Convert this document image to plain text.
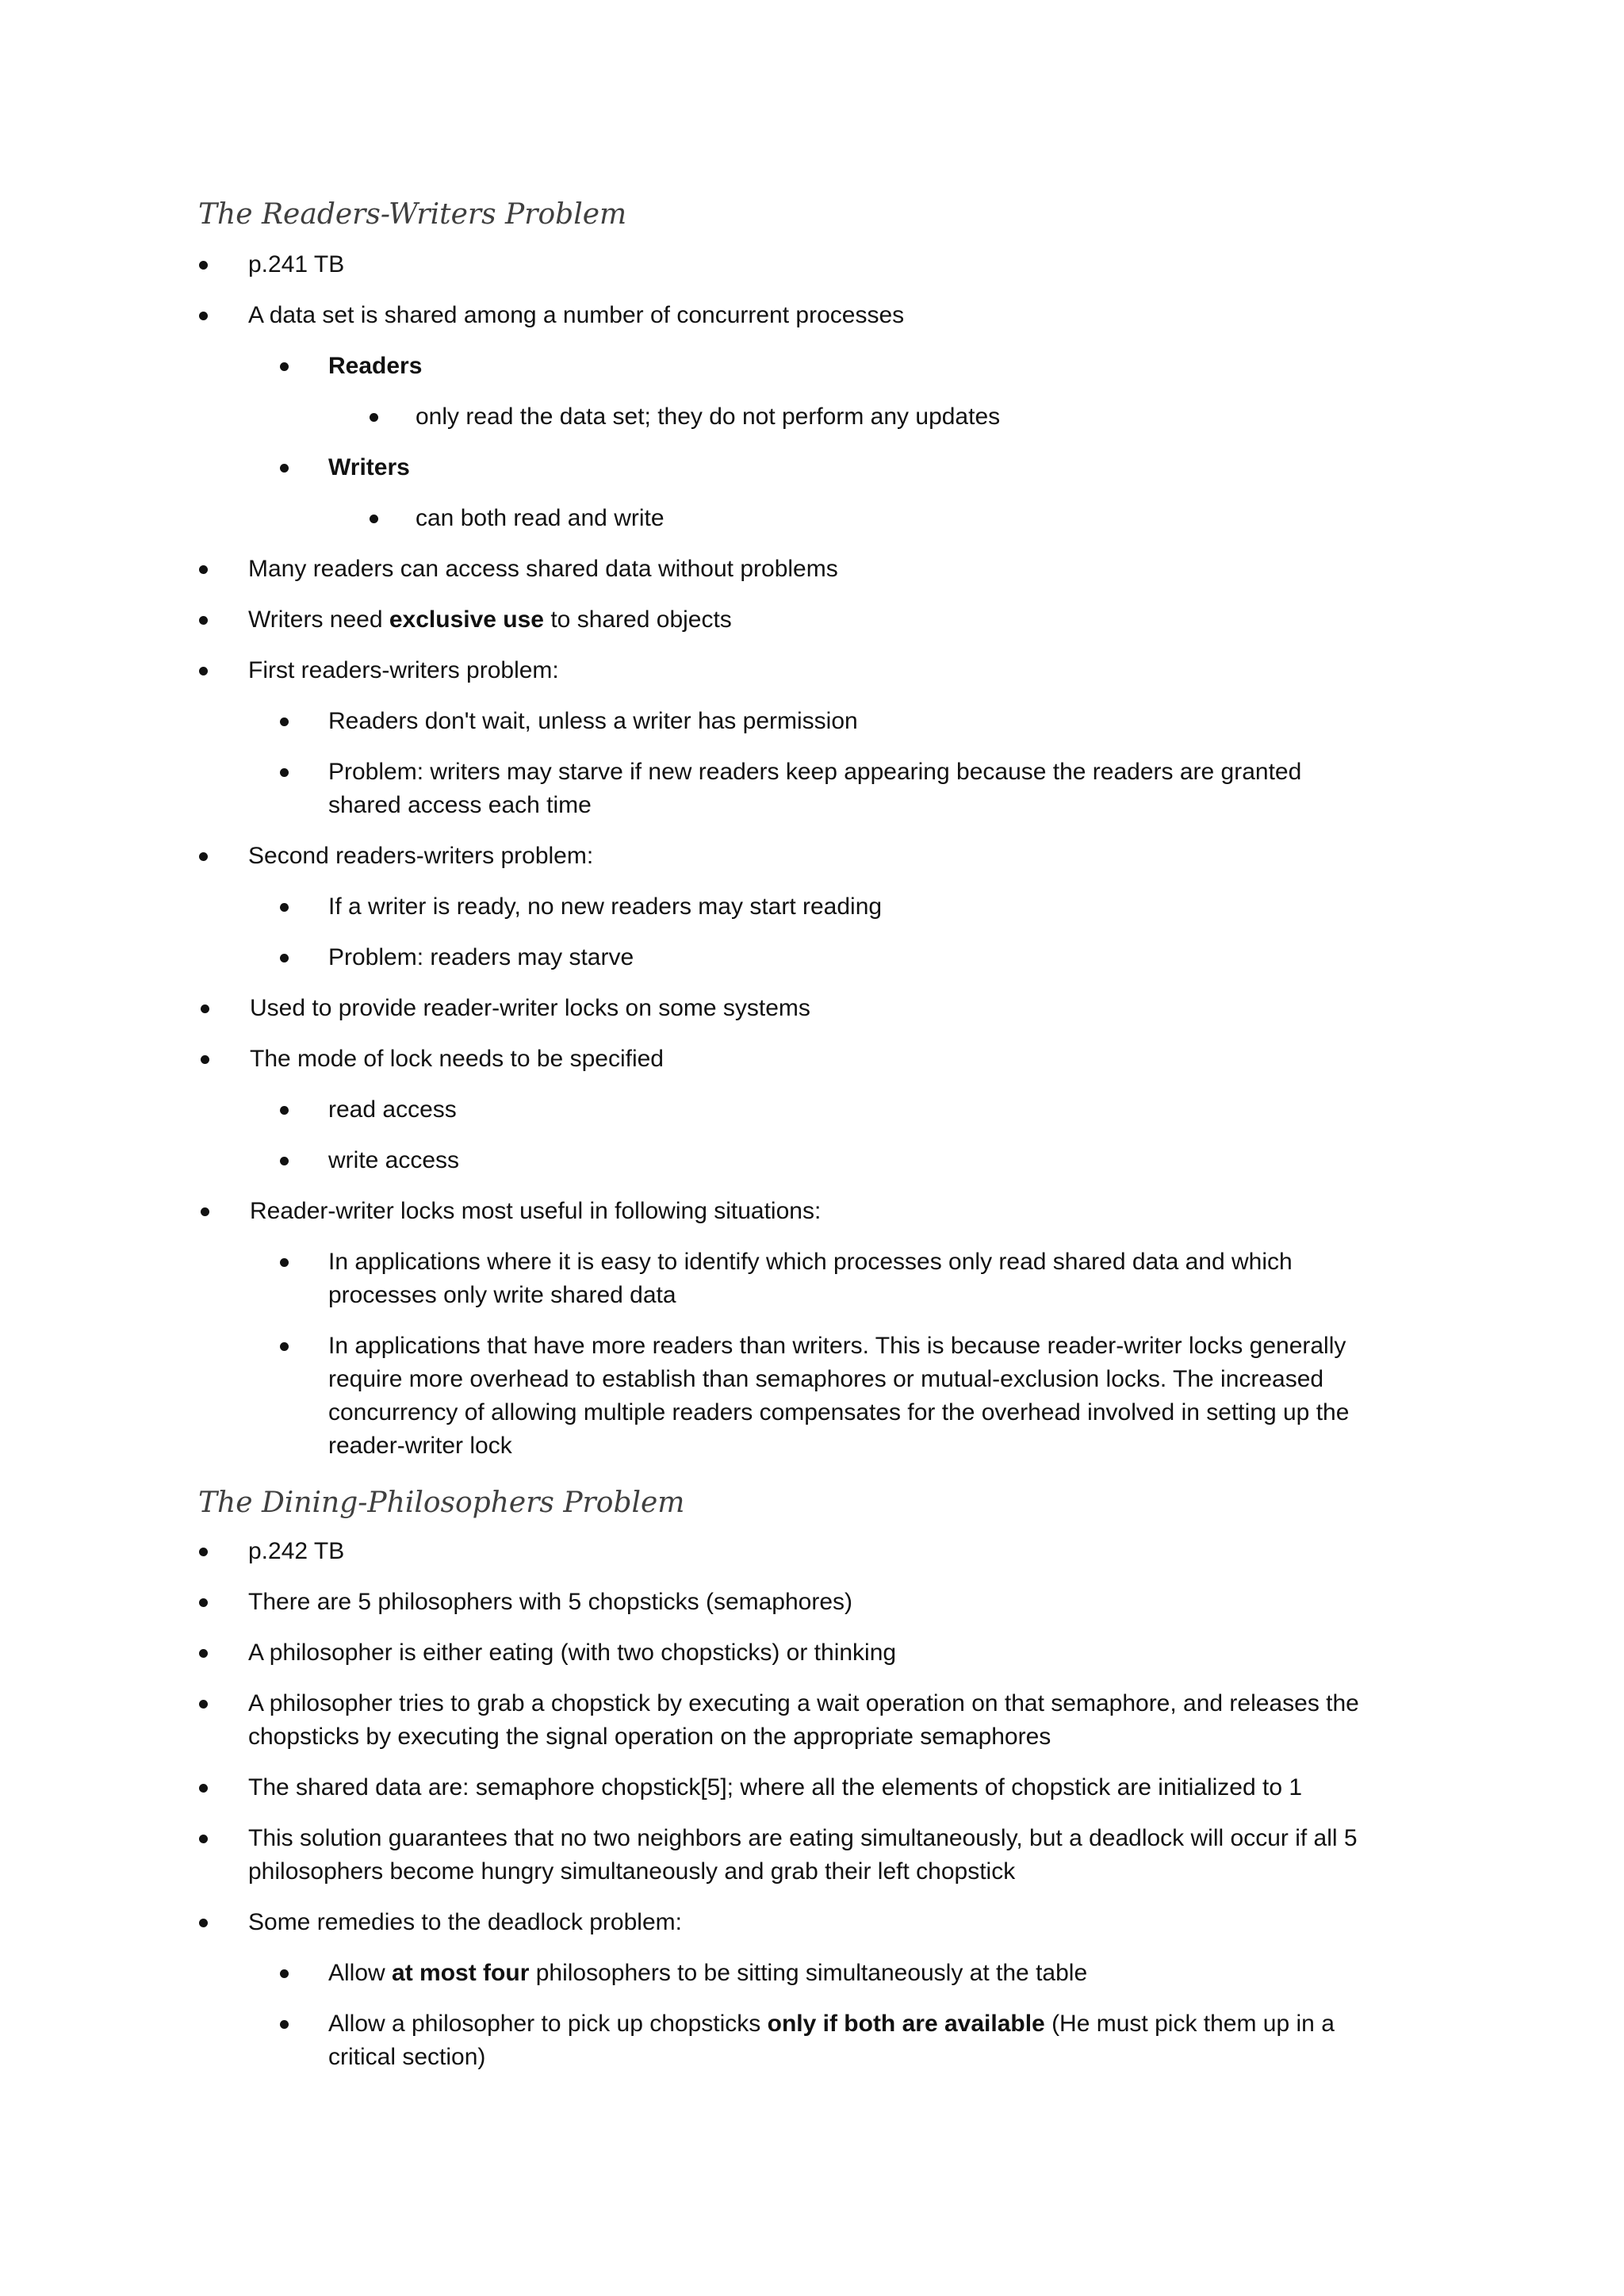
The Readers-Writers Problem
p.241 TB
A data set is shared among a number of concurrent processes
Readers
only read the data set; they do not perform any updates
Writers
can both read and write
Many readers can access shared data without problems
Writers need exclusive use to shared objects
First readers-writers problem:
Readers don't wait, unless a writer has permission
Problem: writers may starve if new readers keep appearing because the readers are granted
shared access each time
Second readers-writers problem:
If a writer is ready, no new readers may start reading
Problem: readers may starve
Used to provide reader-writer locks on some systems
The mode of lock needs to be specified
read access
write access
Reader-writer locks most useful in following situations:
In applications where it is easy to identify which processes only read shared data and which
processes only write shared data
In applications that have more readers than writers. This is because reader-writer locks generally
require more overhead to establish than semaphores or mutual-exclusion locks. The increased
concurrency of allowing multiple readers compensates for the overhead involved in setting up the
reader-writer lock
The Dining-Philosophers Problem
p.242 TB
There are 5 philosophers with 5 chopsticks (semaphores)
A philosopher is either eating (with two chopsticks) or thinking
A philosopher tries to grab a chopstick by executing a wait operation on that semaphore, and releases the
chopsticks by executing the signal operation on the appropriate semaphores
The shared data are: semaphore chopstick[5]; where all the elements of chopstick are initialized to 1
This solution guarantees that no two neighbors are eating simultaneously, but a deadlock will occur if all 5
philosophers become hungry simultaneously and grab their left chopstick
Some remedies to the deadlock problem:
Allow at most four philosophers to be sitting simultaneously at the table
Allow a philosopher to pick up chopsticks only if both are available (He must pick them up in a
critical section)
